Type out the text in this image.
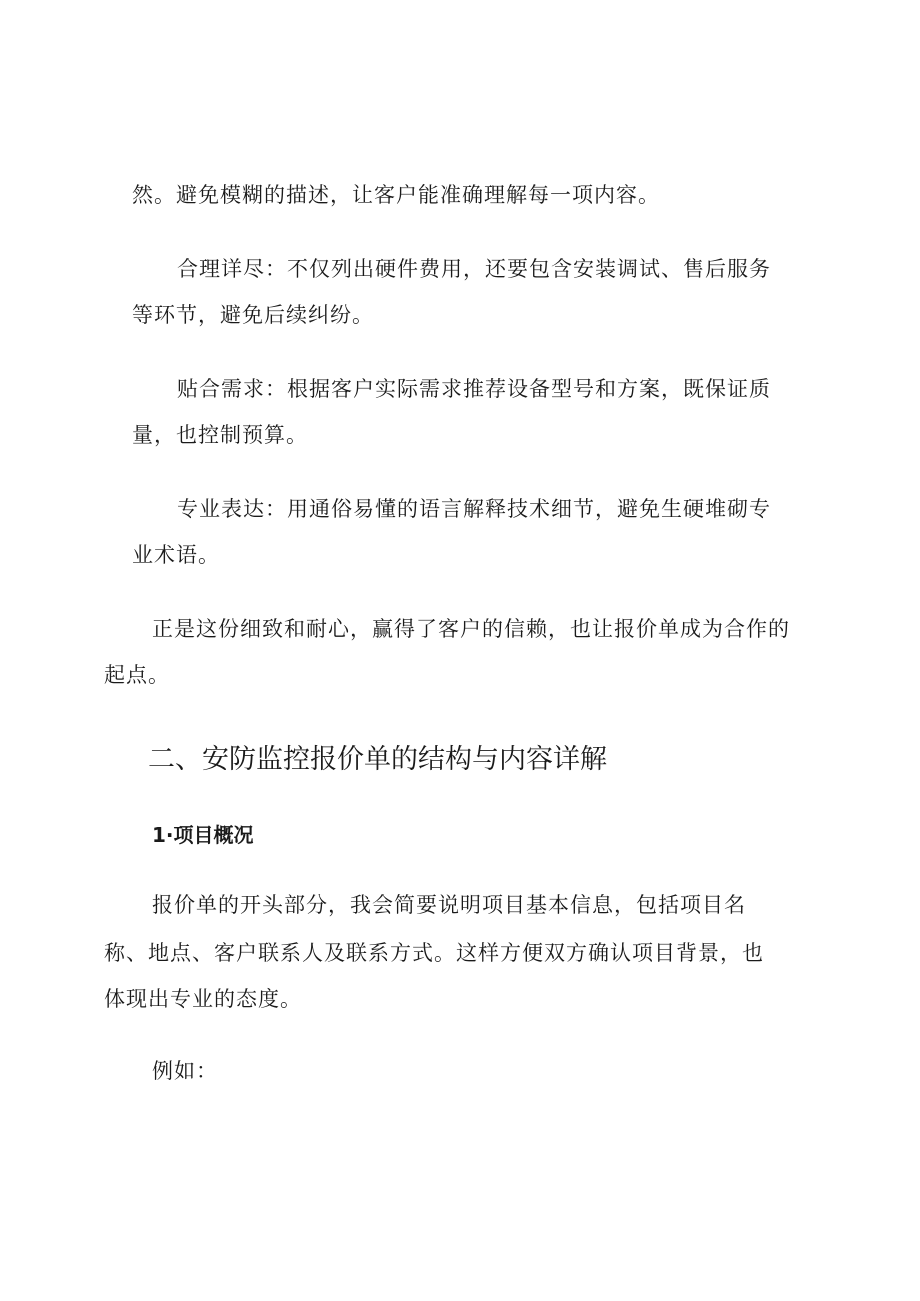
然。避免模糊的描述，让客户能准确理解每一项内容。

合理详尽：不仅列出硬件费用，还要包含安装调试、售后服务

等环节，避免后续纠纷。

贴合需求：根据客户实际需求推荐设备型号和方案，既保证质

量，也控制预算。

专业表达：用通俗易懂的语言解释技术细节，避免生硬堆砌专

业术语。

正是这份细致和耐心，赢得了客户的信赖，也让报价单成为合作的

起点。

二、安防监控报价单的结构与内容详解
1·项目概况

报价单的开头部分，我会简要说明项目基本信息，包括项目名

称、地点、客户联系人及联系方式。这样方便双方确认项目背景，也

体现出专业的态度。

例如：
